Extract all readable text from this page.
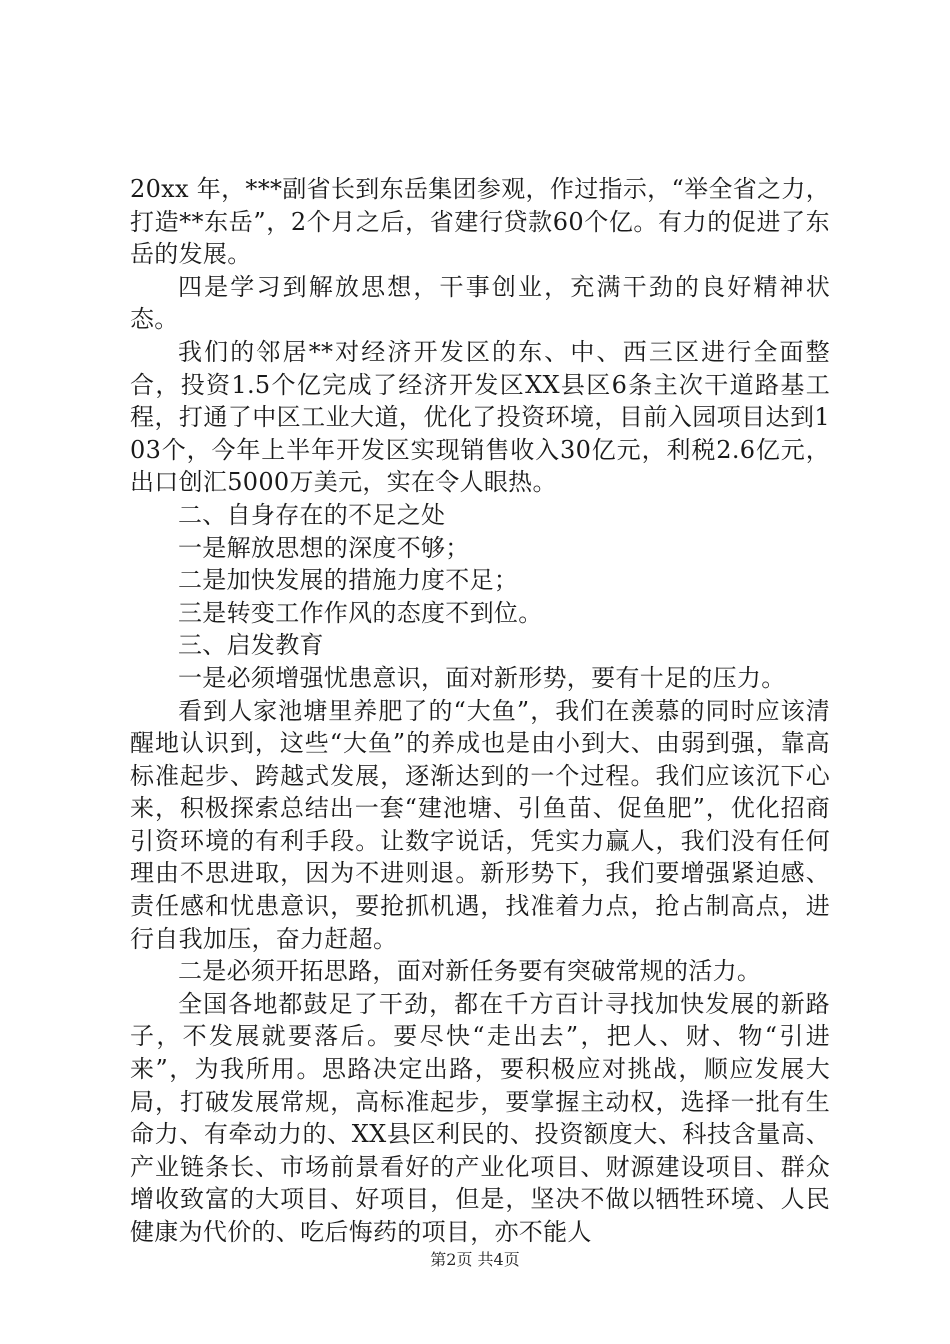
20xx 年，***副省长到东岳集团参观，作过指示，“举全省之力，打造**东岳”，2个月之后，省建行贷款60个亿。有力的促进了东岳的发展。

四是学习到解放思想，干事创业，充满干劲的良好精神状态。

我们的邻居**对经济开发区的东、中、西三区进行全面整合，投资1.5个亿完成了经济开发区XX县区6条主次干道路基工程，打通了中区工业大道，优化了投资环境，目前入园项目达到103个，今年上半年开发区实现销售收入30亿元，利税2.6亿元，出口创汇5000万美元，实在令人眼热。

二、自身存在的不足之处

一是解放思想的深度不够；

二是加快发展的措施力度不足；

三是转变工作作风的态度不到位。

三、启发教育

一是必须增强忧患意识，面对新形势，要有十足的压力。

看到人家池塘里养肥了的“大鱼”，我们在羡慕的同时应该清醒地认识到，这些“大鱼”的养成也是由小到大、由弱到强，靠高标准起步、跨越式发展，逐渐达到的一个过程。我们应该沉下心来，积极探索总结出一套“建池塘、引鱼苗、促鱼肥”，优化招商引资环境的有利手段。让数字说话，凭实力赢人，我们没有任何理由不思进取，因为不进则退。新形势下，我们要增强紧迫感、责任感和忧患意识，要抢抓机遇，找准着力点，抢占制高点，进行自我加压，奋力赶超。

二是必须开拓思路，面对新任务要有突破常规的活力。

全国各地都鼓足了干劲，都在千方百计寻找加快发展的新路子，不发展就要落后。要尽快“走出去”，把人、财、物“引进来”，为我所用。思路决定出路，要积极应对挑战，顺应发展大局，打破发展常规，高标准起步，要掌握主动权，选择一批有生命力、有牵动力的、XX县区利民的、投资额度大、科技含量高、产业链条长、市场前景看好的产业化项目、财源建设项目、群众增收致富的大项目、好项目，但是，坚决不做以牺牲环境、人民健康为代价的、吃后悔药的项目，亦不能人

第2页 共4页
